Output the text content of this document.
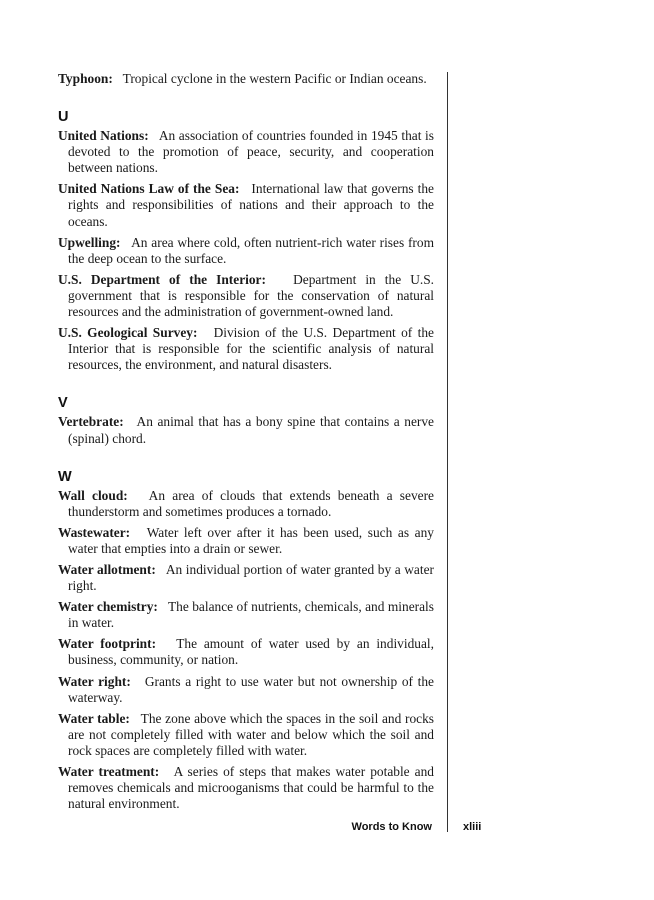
Typhoon: Tropical cyclone in the western Pacific or Indian oceans.
U
United Nations: An association of countries founded in 1945 that is devoted to the promotion of peace, security, and cooperation between nations.
United Nations Law of the Sea: International law that governs the rights and responsibilities of nations and their approach to the oceans.
Upwelling: An area where cold, often nutrient-rich water rises from the deep ocean to the surface.
U.S. Department of the Interior: Department in the U.S. government that is responsible for the conservation of natural resources and the administration of government-owned land.
U.S. Geological Survey: Division of the U.S. Department of the Interior that is responsible for the scientific analysis of natural resources, the environment, and natural disasters.
V
Vertebrate: An animal that has a bony spine that contains a nerve (spinal) chord.
W
Wall cloud: An area of clouds that extends beneath a severe thunderstorm and sometimes produces a tornado.
Wastewater: Water left over after it has been used, such as any water that empties into a drain or sewer.
Water allotment: An individual portion of water granted by a water right.
Water chemistry: The balance of nutrients, chemicals, and minerals in water.
Water footprint: The amount of water used by an individual, business, community, or nation.
Water right: Grants a right to use water but not ownership of the waterway.
Water table: The zone above which the spaces in the soil and rocks are not completely filled with water and below which the soil and rock spaces are completely filled with water.
Water treatment: A series of steps that makes water potable and removes chemicals and microoganisms that could be harmful to the natural environment.
Words to Know	xliii
